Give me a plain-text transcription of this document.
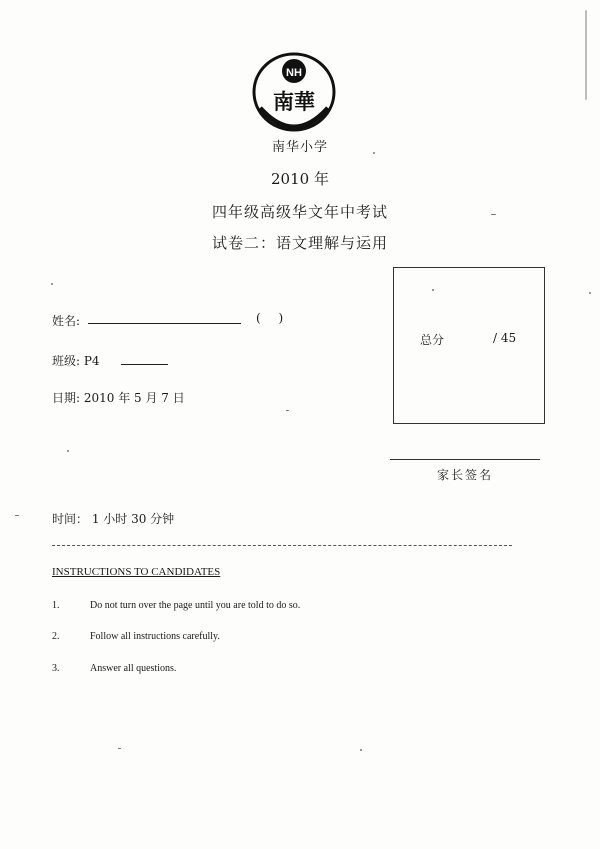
NH
南華
南华小学
2010 年
四年级高级华文年中考试
试卷二：语文理解与运用
姓名:	( )
班级: P4
日期: 2010 年 5 月 7 日
总分	/ 45
家长签名
时间： 1 小时 30 分钟
INSTRUCTIONS TO CANDIDATES
1.	Do not turn over the page until you are told to do so.
2.	Follow all instructions carefully.
3.	Answer all questions.
